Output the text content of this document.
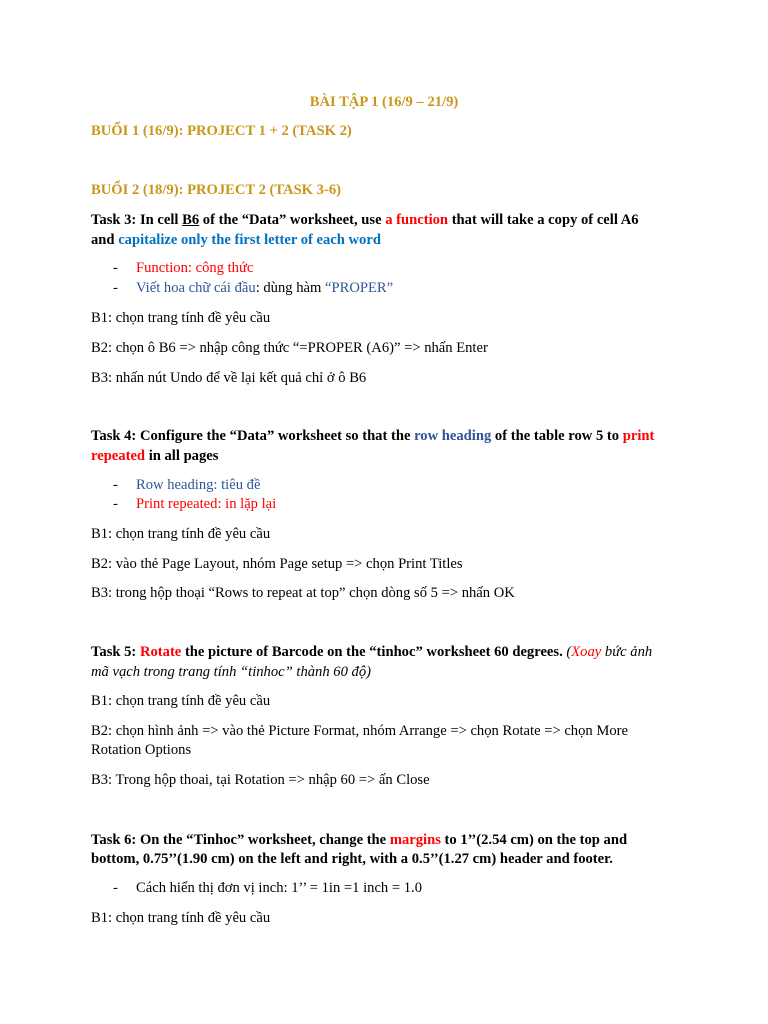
BÀI TẬP 1 (16/9 – 21/9)
BUỔI 1 (16/9): PROJECT 1 + 2 (TASK 2)
BUỔI 2 (18/9): PROJECT 2 (TASK 3-6)
Task 3: In cell B6 of the “Data” worksheet, use a function that will take a copy of cell A6
and capitalize only the first letter of each word
- Function: công thức
- Viết hoa chữ cái đầu: dùng hàm “PROPER”
B1: chọn trang tính đề yêu cầu
B2: chọn ô B6 => nhập công thức “=PROPER (A6)” => nhấn Enter
B3: nhấn nút Undo để về lại kết quả chỉ ở ô B6
Task 4: Configure the “Data” worksheet so that the row heading of the table row 5 to print
repeated in all pages
- Row heading: tiêu đề
- Print repeated: in lặp lại
B1: chọn trang tính đề yêu cầu
B2: vào thẻ Page Layout, nhóm Page setup => chọn Print Titles
B3: trong hộp thoại “Rows to repeat at top” chọn dòng số 5 => nhấn OK
Task 5: Rotate the picture of Barcode on the “tinhoc” worksheet 60 degrees. (Xoay bức ảnh
mã vạch trong trang tính “tinhoc” thành 60 độ)
B1: chọn trang tính đề yêu cầu
B2: chọn hình ảnh => vào thẻ Picture Format, nhóm Arrange => chọn Rotate => chọn More
Rotation Options
B3: Trong hộp thoai, tại Rotation => nhập 60 => ấn Close
Task 6: On the “Tinhoc” worksheet, change the margins to 1’’(2.54 cm) on the top and
bottom, 0.75’’(1.90 cm) on the left and right, with a 0.5’’(1.27 cm) header and footer.
- Cách hiển thị đơn vị inch: 1’’ = 1in =1 inch = 1.0
B1: chọn trang tính đề yêu cầu
